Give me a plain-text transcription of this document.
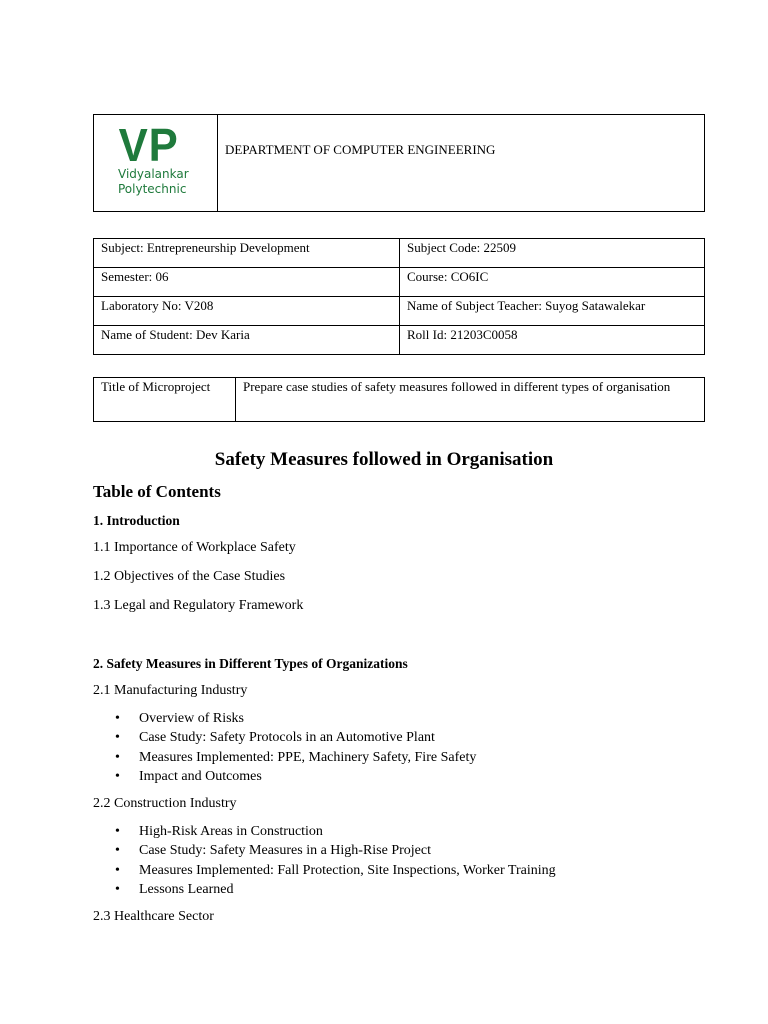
VP
Vidyalankar
Polytechnic
	DEPARTMENT OF COMPUTER ENGINEERING
Subject: Entrepreneurship Development	Subject Code: 22509
Semester: 06	Course: CO6IC
Laboratory No: V208	Name of Subject Teacher: Suyog Satawalekar
Name of Student: Dev Karia	Roll Id: 21203C0058
Title of Microproject	Prepare case studies of safety measures followed in different types of organisation
Safety Measures followed in Organisation

Table of Contents

1. Introduction

1.1 Importance of Workplace Safety

1.2 Objectives of the Case Studies

1.3 Legal and Regulatory Framework

2. Safety Measures in Different Types of Organizations

2.1 Manufacturing Industry

• Overview of Risks
• Case Study: Safety Protocols in an Automotive Plant
• Measures Implemented: PPE, Machinery Safety, Fire Safety
• Impact and Outcomes

2.2 Construction Industry

• High-Risk Areas in Construction
• Case Study: Safety Measures in a High-Rise Project
• Measures Implemented: Fall Protection, Site Inspections, Worker Training
• Lessons Learned

2.3 Healthcare Sector
